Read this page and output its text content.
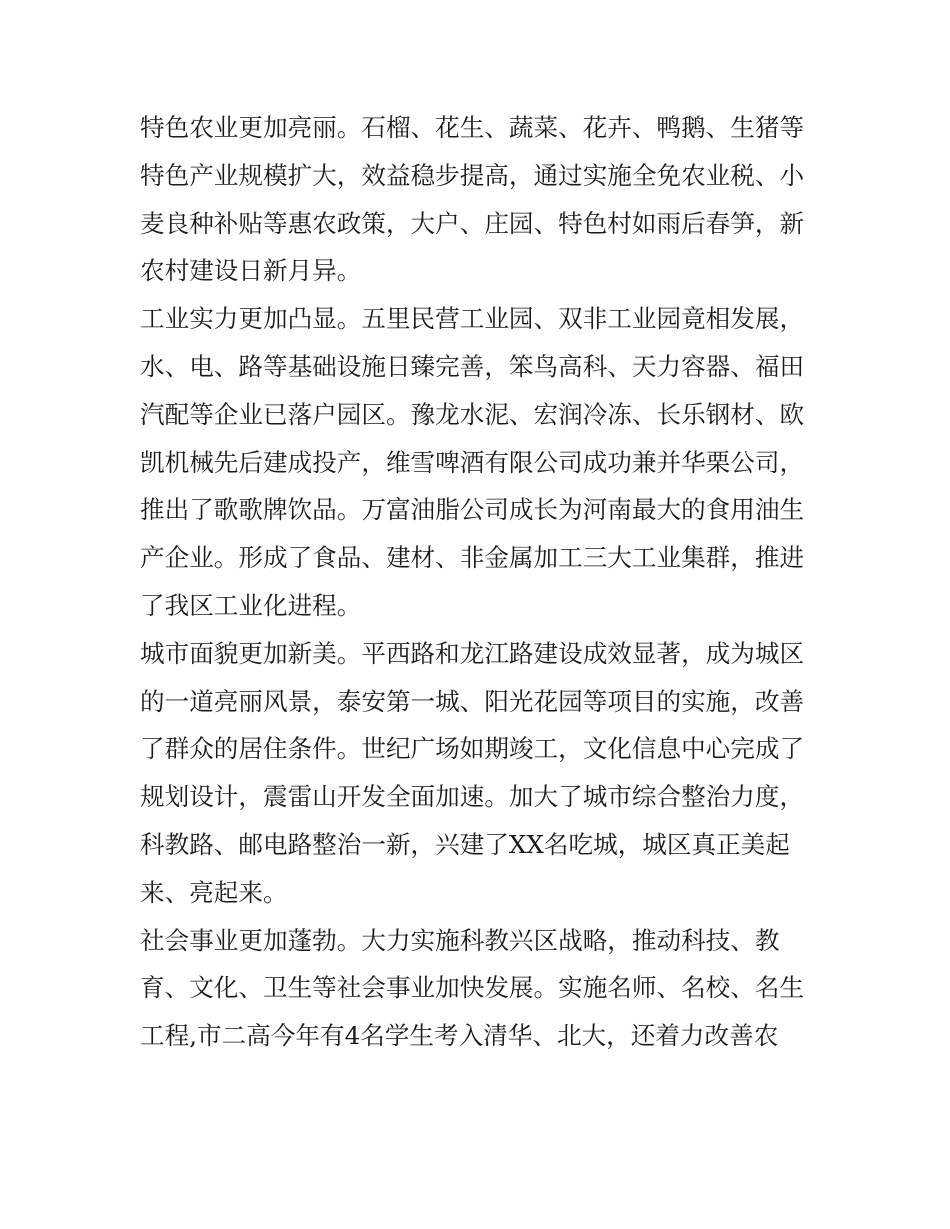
特色农业更加亮丽。石榴、花生、蔬菜、花卉、鸭鹅、生猪等
特色产业规模扩大，效益稳步提高，通过实施全免农业税、小
麦良种补贴等惠农政策，大户、庄园、特色村如雨后春笋，新
农村建设日新月异。
工业实力更加凸显。五里民营工业园、双非工业园竟相发展，
水、电、路等基础设施日臻完善，笨鸟高科、天力容器、福田
汽配等企业已落户园区。豫龙水泥、宏润冷冻、长乐钢材、欧
凯机械先后建成投产，维雪啤酒有限公司成功兼并华栗公司，
推出了歌歌牌饮品。万富油脂公司成长为河南最大的食用油生
产企业。形成了食品、建材、非金属加工三大工业集群，推进
了我区工业化进程。
城市面貌更加新美。平西路和龙江路建设成效显著，成为城区
的一道亮丽风景，泰安第一城、阳光花园等项目的实施，改善
了群众的居住条件。世纪广场如期竣工，文化信息中心完成了
规划设计，震雷山开发全面加速。加大了城市综合整治力度，
科教路、邮电路整治一新，兴建了XX名吃城，城区真正美起
来、亮起来。
社会事业更加蓬勃。大力实施科教兴区战略，推动科技、教
育、文化、卫生等社会事业加快发展。实施名师、名校、名生
工程,市二高今年有4名学生考入清华、北大，还着力改善农
